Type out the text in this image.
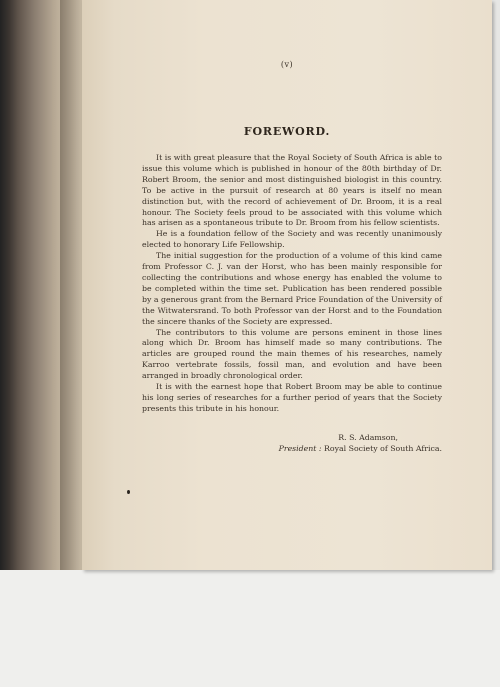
(v)
FOREWORD.

It is with great pleasure that the Royal Society of South Africa is able to issue this volume which is published in honour of the 80th birthday of Dr. Robert Broom, the senior and most distinguished biologist in this country. To be active in the pursuit of research at 80 years is itself no mean distinction but, with the record of achievement of Dr. Broom, it is a real honour. The Society feels proud to be associated with this volume which has arisen as a spontaneous tribute to Dr. Broom from his fellow scientists.

He is a foundation fellow of the Society and was recently unanimously elected to honorary Life Fellowship.

The initial suggestion for the production of a volume of this kind came from Professor C. J. van der Horst, who has been mainly responsible for collecting the contributions and whose energy has enabled the volume to be completed within the time set. Publication has been rendered possible by a generous grant from the Bernard Price Foundation of the University of the Witwatersrand. To both Professor van der Horst and to the Foundation the sincere thanks of the Society are expressed.

The contributors to this volume are persons eminent in those lines along which Dr. Broom has himself made so many contributions. The articles are grouped round the main themes of his researches, namely Karroo vertebrate fossils, fossil man, and evolution and have been arranged in broadly chronological order.

It is with the earnest hope that Robert Broom may be able to continue his long series of researches for a further period of years that the Society presents this tribute in his honour.

R. S. Adamson,
President : Royal Society of South Africa.
